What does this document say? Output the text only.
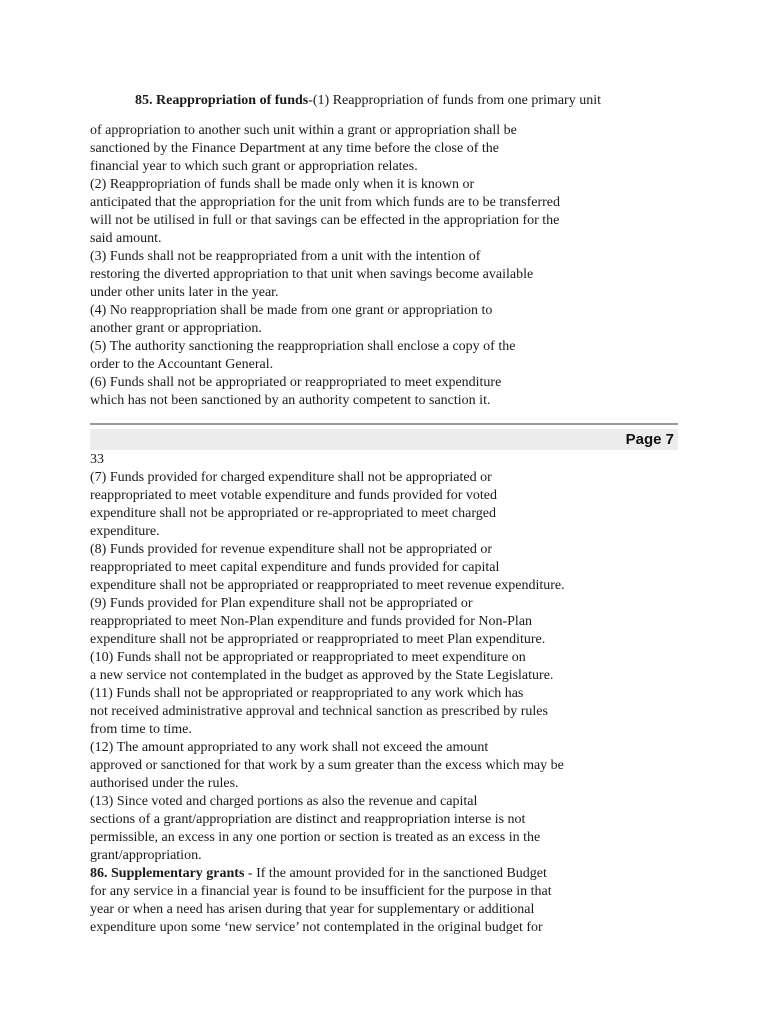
85. Reappropriation of funds-(1) Reappropriation of funds from one primary unit
of appropriation to another such unit within a grant or appropriation shall be
sanctioned by the Finance Department at any time before the close of the
financial year to which such grant or appropriation relates.
(2) Reappropriation of funds shall be made only when it is known or
anticipated that the appropriation for the unit from which funds are to be transferred
will not be utilised in full or that savings can be effected in the appropriation for the
said amount.
(3) Funds shall not be reappropriated from a unit with the intention of
restoring the diverted appropriation to that unit when savings become available
under other units later in the year.
(4) No reappropriation shall be made from one grant or appropriation to
another grant or appropriation.
(5) The authority sanctioning the reappropriation shall enclose a copy of the
order to the Accountant General.
(6) Funds shall not be appropriated or reappropriated to meet expenditure
which has not been sanctioned by an authority competent to sanction it.
Page 7
33
(7) Funds provided for charged expenditure shall not be appropriated or
reappropriated to meet votable expenditure and funds provided for voted
expenditure shall not be appropriated or re-appropriated to meet charged
expenditure.
(8) Funds provided for revenue expenditure shall not be appropriated or
reappropriated to meet capital expenditure and funds provided for capital
expenditure shall not be appropriated or reappropriated to meet revenue expenditure.
(9) Funds provided for Plan expenditure shall not be appropriated or
reappropriated to meet Non-Plan expenditure and funds provided for Non-Plan
expenditure shall not be appropriated or reappropriated to meet Plan expenditure.
(10) Funds shall not be appropriated or reappropriated to meet expenditure on
a new service not contemplated in the budget as approved by the State Legislature.
(11) Funds shall not be appropriated or reappropriated to any work which has
not received administrative approval and technical sanction as prescribed by rules
from time to time.
(12) The amount appropriated to any work shall not exceed the amount
approved or sanctioned for that work by a sum greater than the excess which may be
authorised under the rules.
(13) Since voted and charged portions as also the revenue and capital
sections of a grant/appropriation are distinct and reappropriation interse is not
permissible, an excess in any one portion or section is treated as an excess in the
grant/appropriation.
86. Supplementary grants - If the amount provided for in the sanctioned Budget
for any service in a financial year is found to be insufficient for the purpose in that
year or when a need has arisen during that year for supplementary or additional
expenditure upon some ‘new service’ not contemplated in the original budget for
